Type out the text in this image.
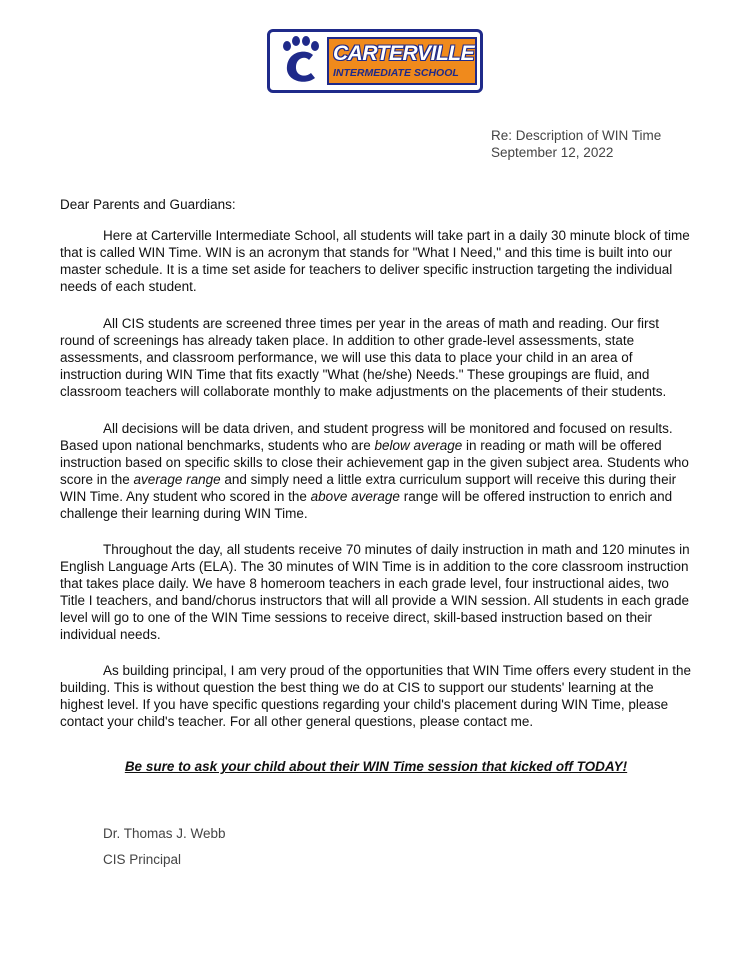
CARTERVILLE
INTERMEDIATE SCHOOL
Re: Description of WIN Time
September 12, 2022
Dear Parents and Guardians:

Here at Carterville Intermediate School, all students will take part in a daily 30 minute block of time that is called WIN Time. WIN is an acronym that stands for "What I Need," and this time is built into our master schedule. It is a time set aside for teachers to deliver specific instruction targeting the individual needs of each student.

All CIS students are screened three times per year in the areas of math and reading. Our first round of screenings has already taken place. In addition to other grade-level assessments, state assessments, and classroom performance, we will use this data to place your child in an area of instruction during WIN Time that fits exactly "What (he/she) Needs." These groupings are fluid, and classroom teachers will collaborate monthly to make adjustments on the placements of their students.

All decisions will be data driven, and student progress will be monitored and focused on results. Based upon national benchmarks, students who are below average in reading or math will be offered instruction based on specific skills to close their achievement gap in the given subject area. Students who score in the average range and simply need a little extra curriculum support will receive this during their WIN Time. Any student who scored in the above average range will be offered instruction to enrich and challenge their learning during WIN Time.

Throughout the day, all students receive 70 minutes of daily instruction in math and 120 minutes in English Language Arts (ELA). The 30 minutes of WIN Time is in addition to the core classroom instruction that takes place daily. We have 8 homeroom teachers in each grade level, four instructional aides, two Title I teachers, and band/chorus instructors that will all provide a WIN session. All students in each grade level will go to one of the WIN Time sessions to receive direct, skill-based instruction based on their individual needs.

As building principal, I am very proud of the opportunities that WIN Time offers every student in the building. This is without question the best thing we do at CIS to support our students' learning at the highest level. If you have specific questions regarding your child's placement during WIN Time, please contact your child's teacher. For all other general questions, please contact me.

Be sure to ask your child about their WIN Time session that kicked off TODAY!
Dr. Thomas J. Webb
CIS Principal
